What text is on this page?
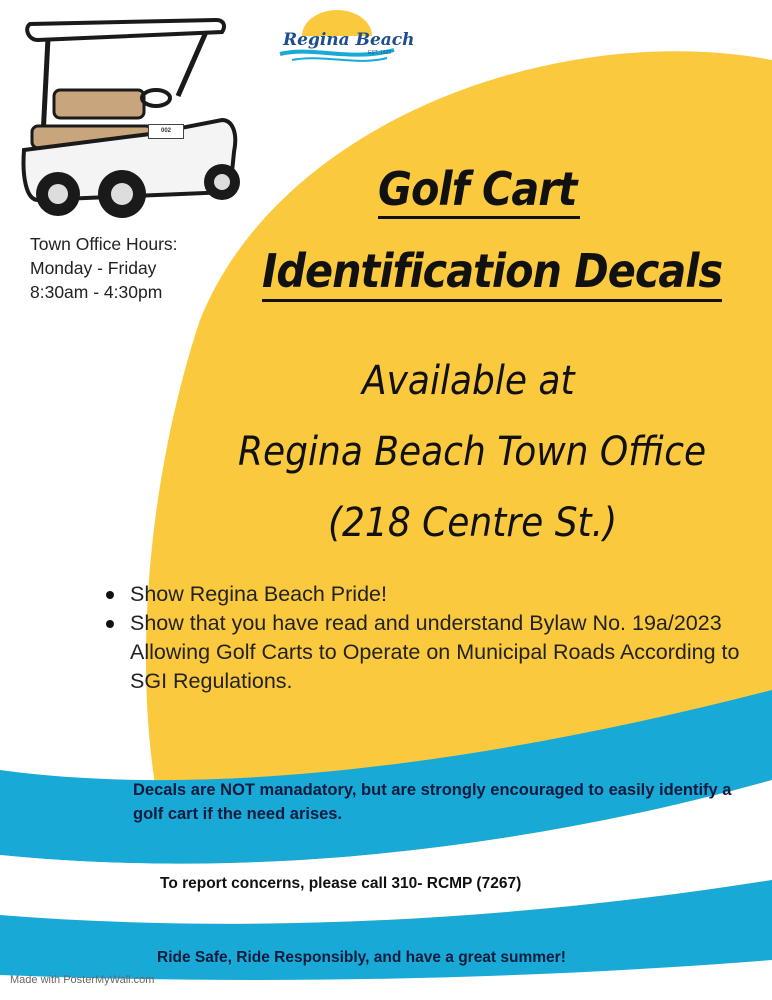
Regina Beach
EST. 1920
002
Town Office Hours:
Monday - Friday
8:30am - 4:30pm
Golf Cart
Identification Decals
Available at
Regina Beach Town Office
(218 Centre St.)
Show Regina Beach Pride!
Show that you have read and understand Bylaw No. 19a/2023 Allowing Golf Carts to Operate on Municipal Roads According to SGI Regulations.
Decals are NOT manadatory, but are strongly encouraged to easily identify a golf cart if the need arises.
To report concerns, please call 310- RCMP (7267)
Ride Safe, Ride Responsibly, and have a great summer!
Made with PosterMyWall.com
